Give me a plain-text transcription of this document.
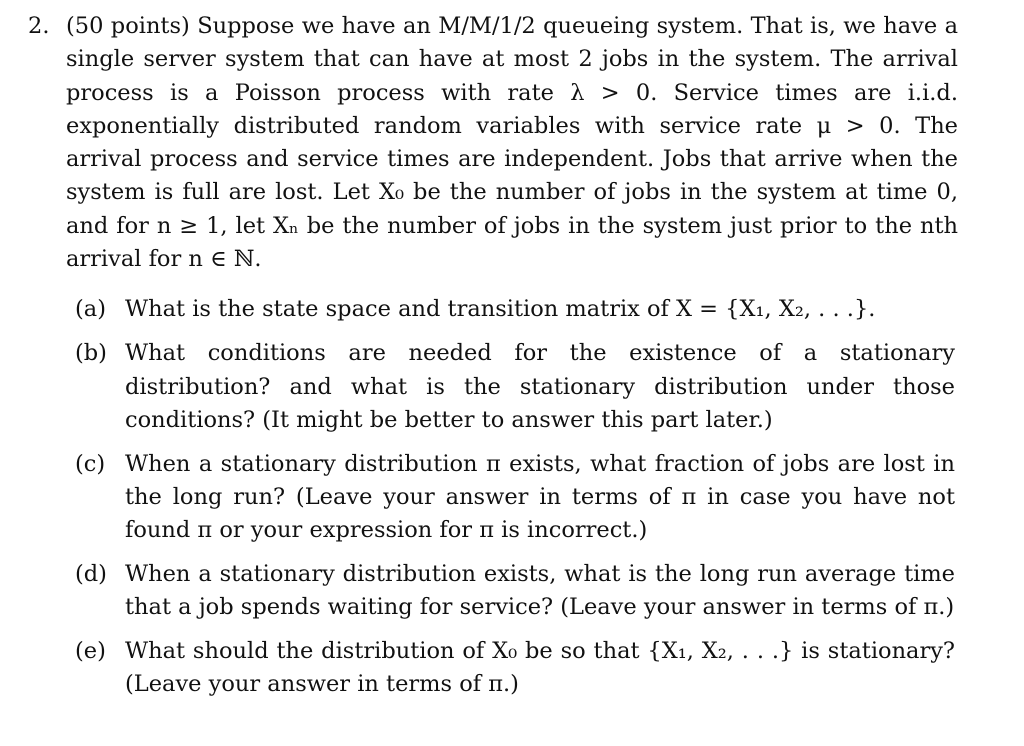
2. (50 points) Suppose we have an M/M/1/2 queueing system. That is, we have a single server system that can have at most 2 jobs in the system. The arrival process is a Poisson process with rate λ > 0. Service times are i.i.d. exponentially distributed random variables with service rate μ > 0. The arrival process and service times are independent. Jobs that arrive when the system is full are lost. Let X₀ be the number of jobs in the system at time 0, and for n ≥ 1, let Xₙ be the number of jobs in the system just prior to the nth arrival for n ∈ ℕ.
(a) What is the state space and transition matrix of X = {X₁, X₂, . . .}.
(b) What conditions are needed for the existence of a stationary distribution? and what is the stationary distribution under those conditions? (It might be better to answer this part later.)
(c) When a stationary distribution π exists, what fraction of jobs are lost in the long run? (Leave your answer in terms of π in case you have not found π or your expression for π is incorrect.)
(d) When a stationary distribution exists, what is the long run average time that a job spends waiting for service? (Leave your answer in terms of π.)
(e) What should the distribution of X₀ be so that {X₁, X₂, . . .} is stationary? (Leave your answer in terms of π.)
